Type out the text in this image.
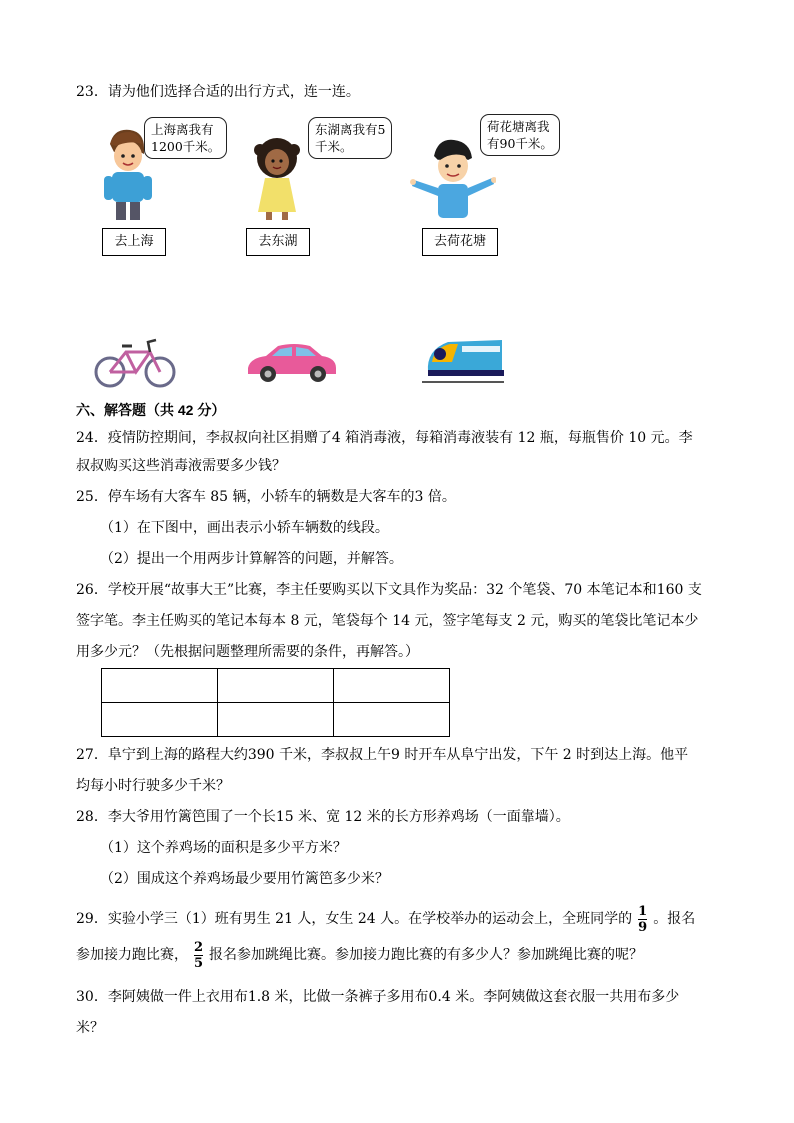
23．请为他们选择合适的出行方式，连一连。
上海离我有
1200千米。
东湖离我有5
千米。
荷花塘离我
有90千米。
去上海	去东湖	去荷花塘
六、解答题（共 42 分）
24．疫情防控期间，李叔叔向社区捐赠了4 箱消毒液，每箱消毒液装有 12 瓶，每瓶售价 10 元。李
叔叔购买这些消毒液需要多少钱？
25．停车场有大客车 85 辆，小轿车的辆数是大客车的3 倍。
（1）在下图中，画出表示小轿车辆数的线段。
（2）提出一个用两步计算解答的问题，并解答。
26．学校开展“故事大王”比赛，李主任要购买以下文具作为奖品：32 个笔袋、70 本笔记本和160 支
签字笔。李主任购买的笔记本每本 8 元，笔袋每个 14 元，签字笔每支 2 元，购买的笔袋比笔记本少
用多少元？（先根据问题整理所需要的条件，再解答。）

27．阜宁到上海的路程大约390 千米，李叔叔上午9 时开车从阜宁出发，下午 2 时到达上海。他平
均每小时行驶多少千米？
28．李大爷用竹篱笆围了一个长15 米、宽 12 米的长方形养鸡场（一面靠墙）。
（1）这个养鸡场的面积是多少平方米？
（2）围成这个养鸡场最少要用竹篱笆多少米？
29．实验小学三（1）班有男生 21 人，女生 24 人。在学校举办的运动会上，全班同学的 $\frac{1}{9}$ 。报名
参加接力跑比赛， $\frac{2}{5}$ 报名参加跳绳比赛。参加接力跑比赛的有多少人？参加跳绳比赛的呢？
30．李阿姨做一件上衣用布1.8 米，比做一条裤子多用布0.4 米。李阿姨做这套衣服一共用布多少
米？
